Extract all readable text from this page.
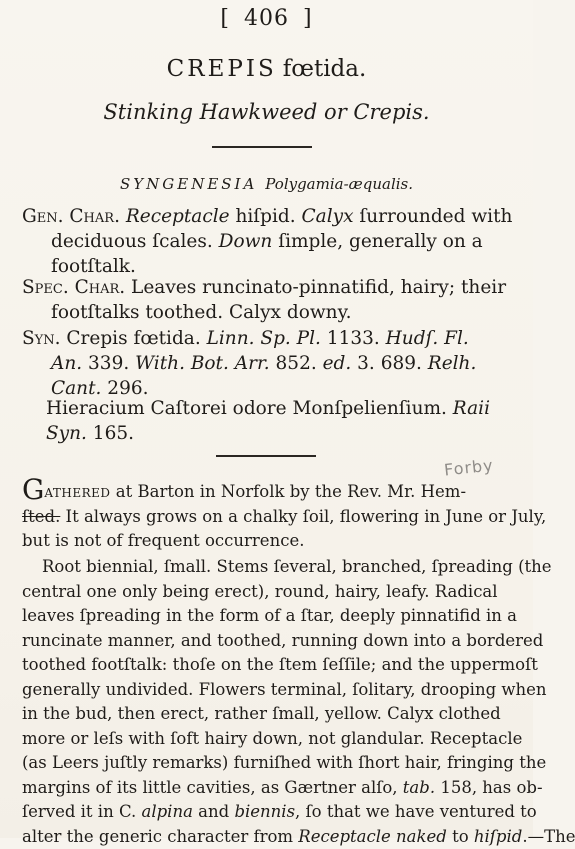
[ 406 ]
CREPIS fœtida.
Stinking Hawkweed or Crepis.
SYNGENESIA Polygamia-æqualis.
Gen. Char. Receptacle hiſpid. Calyx ſurrounded with
deciduous ſcales. Down ſimple, generally on a
footſtalk.
Spec. Char. Leaves runcinato-pinnatifid, hairy; their
footſtalks toothed. Calyx downy.
Syn. Crepis fœtida. Linn. Sp. Pl. 1133. Hudſ. Fl.
An. 339. With. Bot. Arr. 852. ed. 3. 689. Relh.
Cant. 296.
Hieracium Caſtorei odore Monſpelienſium. Raii
Syn. 165.
Forby
Gathered at Barton in Norfolk by the Rev. Mr. Hem-
ſted. It always grows on a chalky ſoil, flowering in June or July,
but is not of frequent occurrence.
Root biennial, ſmall. Stems ſeveral, branched, ſpreading (the
central one only being erect), round, hairy, leafy. Radical
leaves ſpreading in the form of a ſtar, deeply pinnatifid in a
runcinate manner, and toothed, running down into a bordered
toothed footſtalk: thoſe on the ſtem ſeſſile; and the uppermoſt
generally undivided. Flowers terminal, ſolitary, drooping when
in the bud, then erect, rather ſmall, yellow. Calyx clothed
more or leſs with ſoft hairy down, not glandular. Receptacle
(as Leers juſtly remarks) furniſhed with ſhort hair, fringing the
margins of its little cavities, as Gærtner alſo, tab. 158, has ob-
ſerved it in C. alpina and biennis, ſo that we have ventured to
alter the generic character from Receptacle naked to hiſpid.—The
